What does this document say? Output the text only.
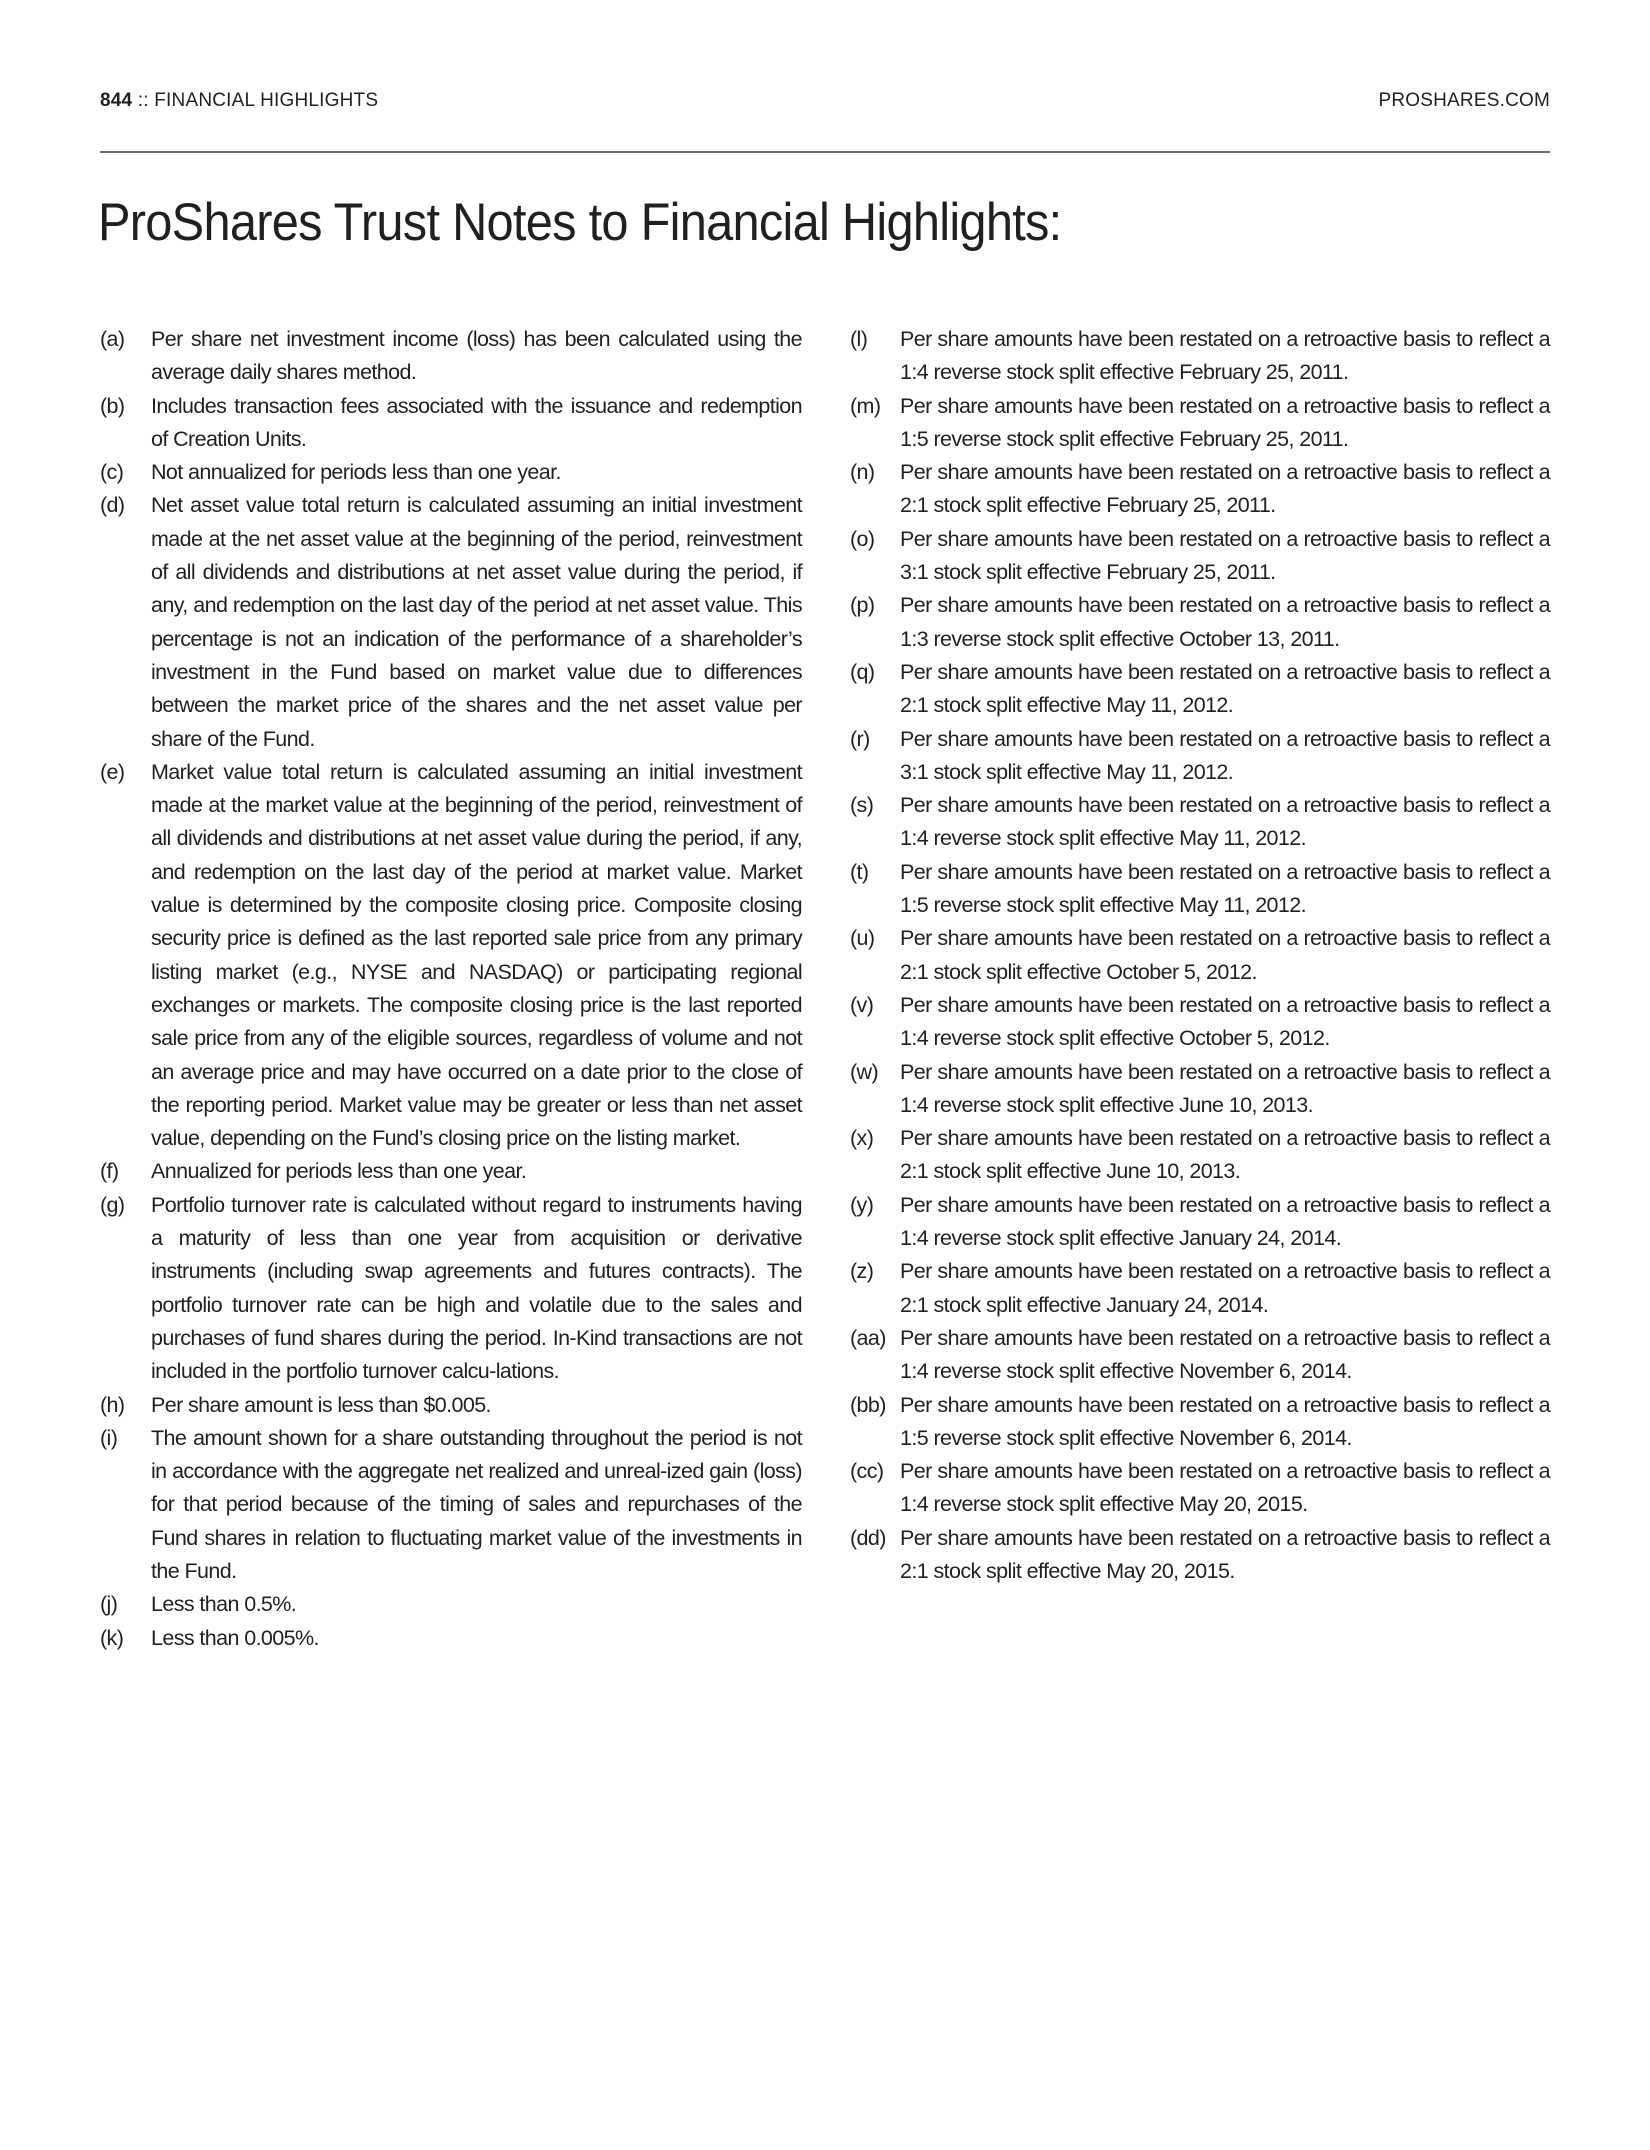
844 :: FINANCIAL HIGHLIGHTS	PROSHARES.COM
ProShares Trust Notes to Financial Highlights:
(a)	Per share net investment income (loss) has been calculated using the average daily shares method.
(b)	Includes transaction fees associated with the issuance and redemption of Creation Units.
(c)	Not annualized for periods less than one year.
(d)	Net asset value total return is calculated assuming an initial investment made at the net asset value at the beginning of the period, reinvestment of all dividends and distributions at net asset value during the period, if any, and redemption on the last day of the period at net asset value. This percentage is not an indication of the performance of a shareholder’s investment in the Fund based on market value due to differences between the market price of the shares and the net asset value per share of the Fund.
(e)	Market value total return is calculated assuming an initial investment made at the market value at the beginning of the period, reinvestment of all dividends and distributions at net asset value during the period, if any, and redemption on the last day of the period at market value. Market value is determined by the composite closing price. Composite closing security price is defined as the last reported sale price from any primary listing market (e.g., NYSE and NASDAQ) or participating regional exchanges or markets. The composite closing price is the last reported sale price from any of the eligible sources, regardless of volume and not an average price and may have occurred on a date prior to the close of the reporting period. Market value may be greater or less than net asset value, depending on the Fund’s closing price on the listing market.
(f)	Annualized for periods less than one year.
(g)	Portfolio turnover rate is calculated without regard to instruments having a maturity of less than one year from acquisition or derivative instruments (including swap agreements and futures contracts). The portfolio turnover rate can be high and volatile due to the sales and purchases of fund shares during the period. In-Kind transactions are not included in the portfolio turnover calcu-lations.
(h)	Per share amount is less than $0.005.
(i)	The amount shown for a share outstanding throughout the period is not in accordance with the aggregate net realized and unreal-ized gain (loss) for that period because of the timing of sales and repurchases of the Fund shares in relation to fluctuating market value of the investments in the Fund.
(j)	Less than 0.5%.
(k)	Less than 0.005%.
(l)	Per share amounts have been restated on a retroactive basis to reflect a 1:4 reverse stock split effective February 25, 2011.
(m) Per share amounts have been restated on a retroactive basis to reflect a 1:5 reverse stock split effective February 25, 2011.
(n)	Per share amounts have been restated on a retroactive basis to reflect a 2:1 stock split effective February 25, 2011.
(o)	Per share amounts have been restated on a retroactive basis to reflect a 3:1 stock split effective February 25, 2011.
(p)	Per share amounts have been restated on a retroactive basis to reflect a 1:3 reverse stock split effective October 13, 2011.
(q)	Per share amounts have been restated on a retroactive basis to reflect a 2:1 stock split effective May 11, 2012.
(r)	Per share amounts have been restated on a retroactive basis to reflect a 3:1 stock split effective May 11, 2012.
(s)	Per share amounts have been restated on a retroactive basis to reflect a 1:4 reverse stock split effective May 11, 2012.
(t)	Per share amounts have been restated on a retroactive basis to reflect a 1:5 reverse stock split effective May 11, 2012.
(u)	Per share amounts have been restated on a retroactive basis to reflect a 2:1 stock split effective October 5, 2012.
(v)	Per share amounts have been restated on a retroactive basis to reflect a 1:4 reverse stock split effective October 5, 2012.
(w)	Per share amounts have been restated on a retroactive basis to reflect a 1:4 reverse stock split effective June 10, 2013.
(x)	Per share amounts have been restated on a retroactive basis to reflect a 2:1 stock split effective June 10, 2013.
(y)	Per share amounts have been restated on a retroactive basis to reflect a 1:4 reverse stock split effective January 24, 2014.
(z)	Per share amounts have been restated on a retroactive basis to reflect a 2:1 stock split effective January 24, 2014.
(aa) Per share amounts have been restated on a retroactive basis to reflect a 1:4 reverse stock split effective November 6, 2014.
(bb) Per share amounts have been restated on a retroactive basis to reflect a 1:5 reverse stock split effective November 6, 2014.
(cc) Per share amounts have been restated on a retroactive basis to reflect a 1:4 reverse stock split effective May 20, 2015.
(dd) Per share amounts have been restated on a retroactive basis to reflect a 2:1 stock split effective May 20, 2015.
